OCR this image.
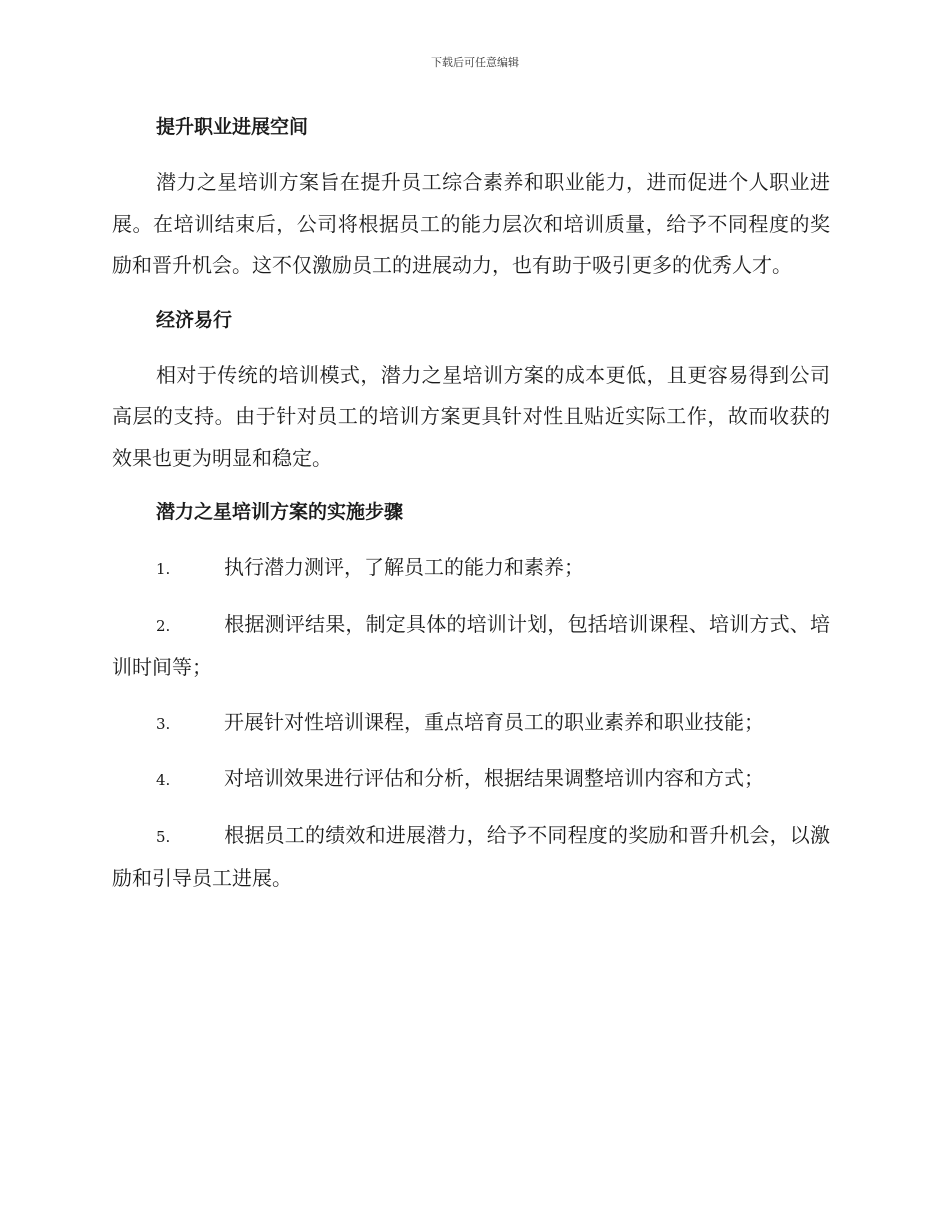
下载后可任意编辑
提升职业进展空间

潜力之星培训方案旨在提升员工综合素养和职业能力，进而促进个人职业进展。在培训结束后，公司将根据员工的能力层次和培训质量，给予不同程度的奖励和晋升机会。这不仅激励员工的进展动力，也有助于吸引更多的优秀人才。

经济易行

相对于传统的培训模式，潜力之星培训方案的成本更低，且更容易得到公司高层的支持。由于针对员工的培训方案更具针对性且贴近实际工作，故而收获的效果也更为明显和稳定。

潜力之星培训方案的实施步骤
1.	执行潜力测评，了解员工的能力和素养；
2.	根据测评结果，制定具体的培训计划，包括培训课程、培训方式、培训时间等；
3.	开展针对性培训课程，重点培育员工的职业素养和职业技能；
4.	对培训效果进行评估和分析，根据结果调整培训内容和方式；
5.	根据员工的绩效和进展潜力，给予不同程度的奖励和晋升机会，以激励和引导员工进展。
